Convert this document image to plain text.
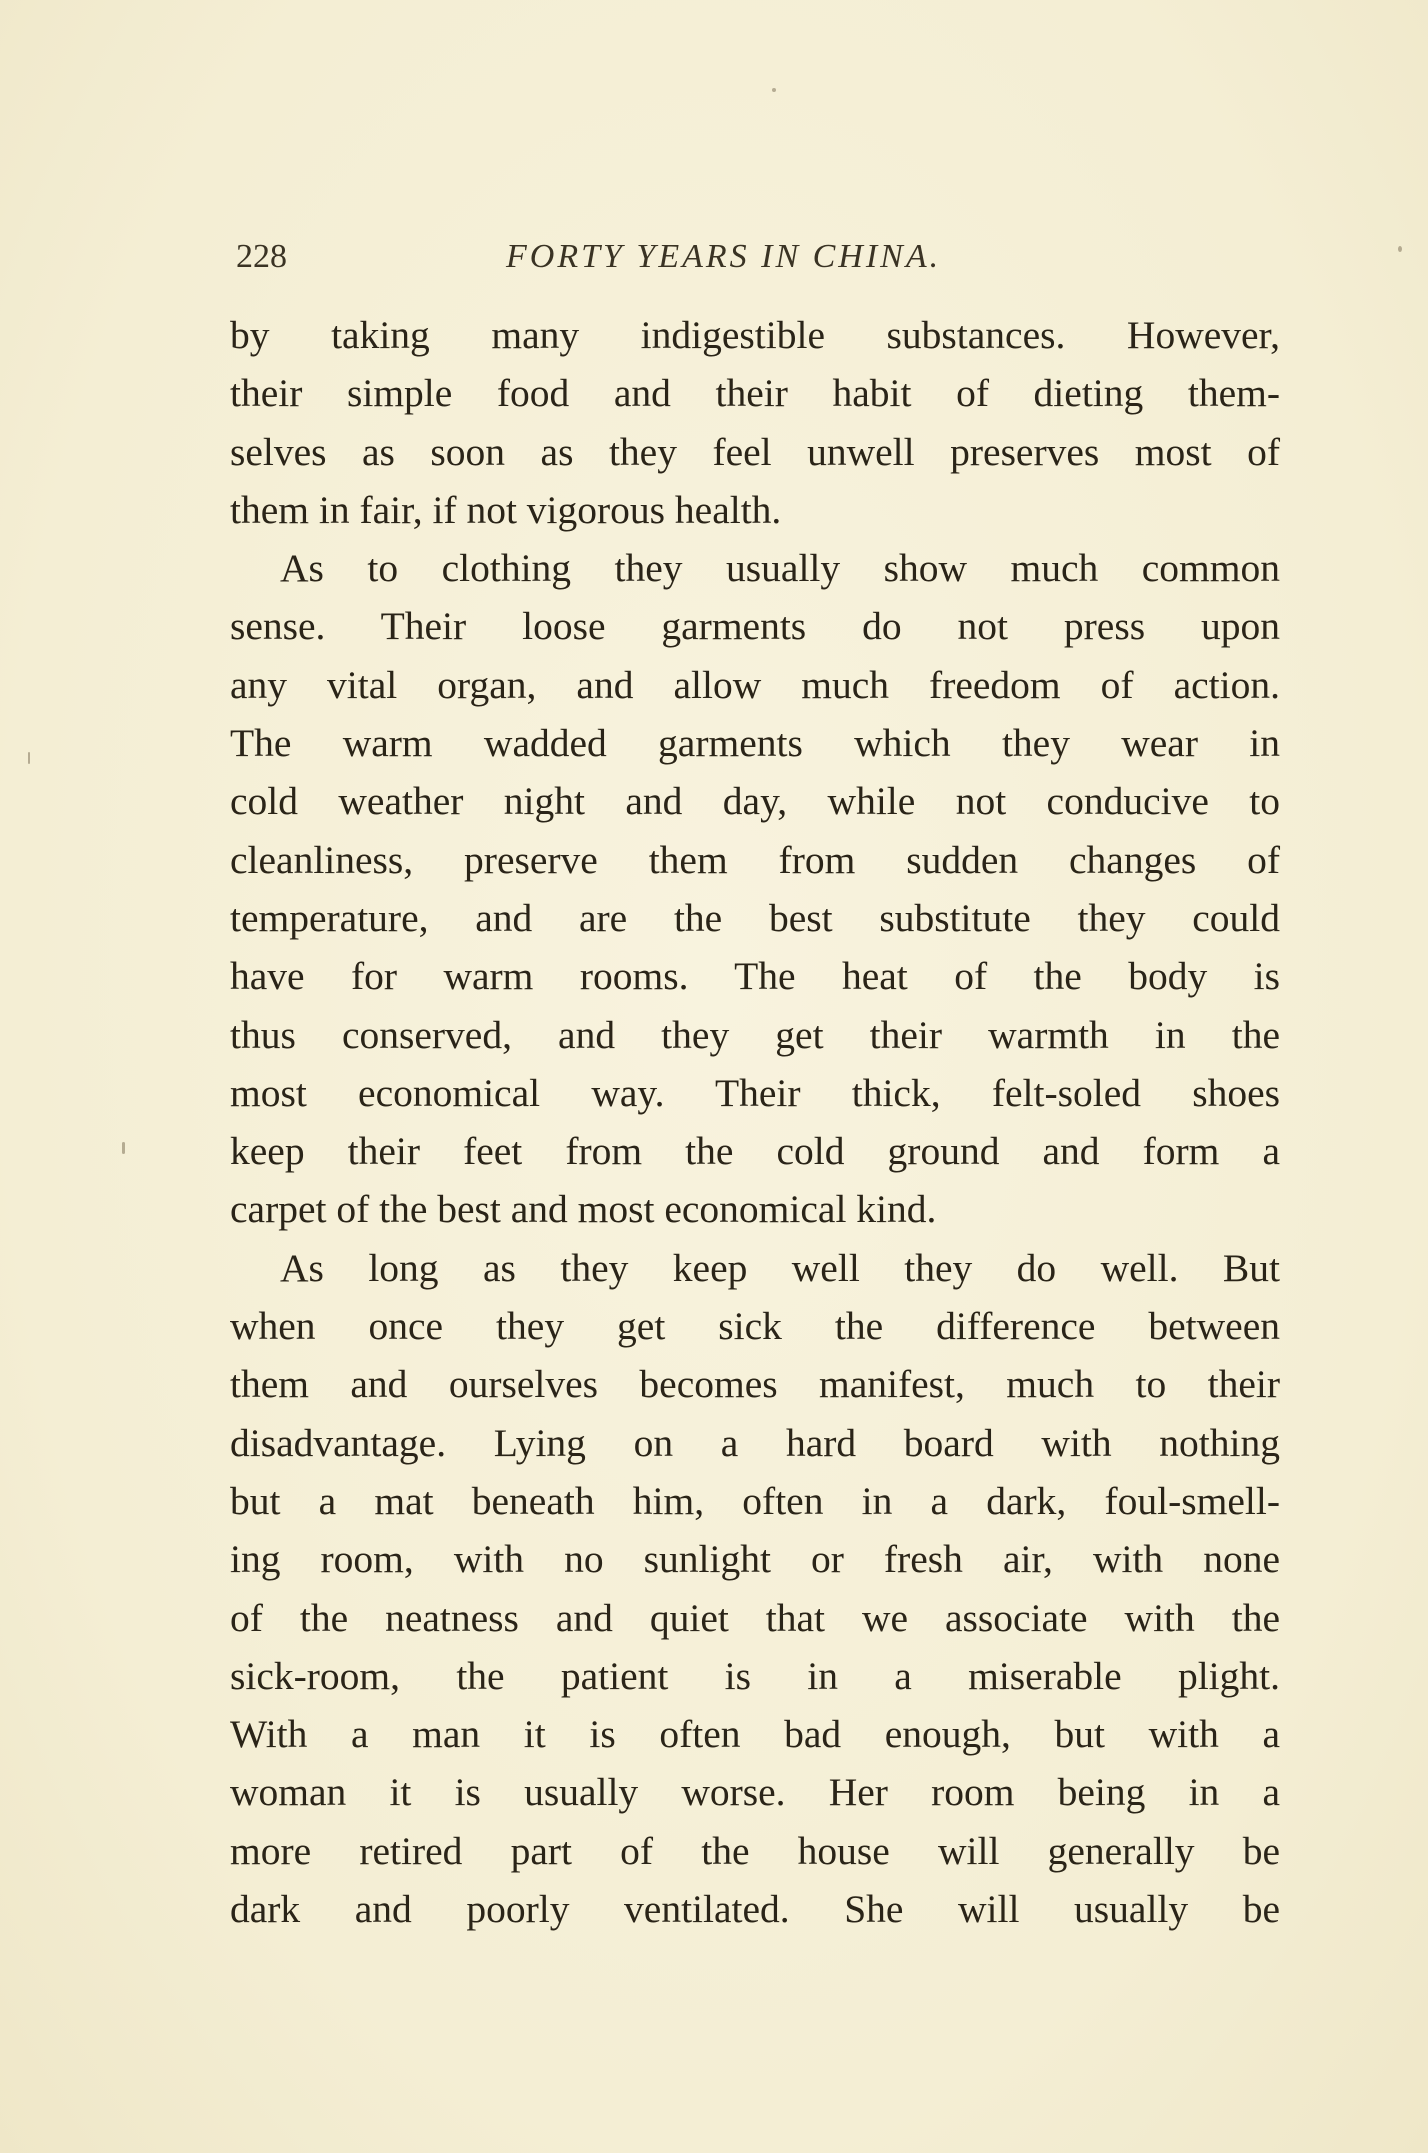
228	FORTY YEARS IN CHINA.
by taking many indigestible substances. However,
their simple food and their habit of dieting them-
selves as soon as they feel unwell preserves most of
them in fair, if not vigorous health.
As to clothing they usually show much common
sense. Their loose garments do not press upon
any vital organ, and allow much freedom of action.
The warm wadded garments which they wear in
cold weather night and day, while not conducive to
cleanliness, preserve them from sudden changes of
temperature, and are the best substitute they could
have for warm rooms. The heat of the body is
thus conserved, and they get their warmth in the
most economical way. Their thick, felt-soled shoes
keep their feet from the cold ground and form a
carpet of the best and most economical kind.
As long as they keep well they do well. But
when once they get sick the difference between
them and ourselves becomes manifest, much to their
disadvantage. Lying on a hard board with nothing
but a mat beneath him, often in a dark, foul-smell-
ing room, with no sunlight or fresh air, with none
of the neatness and quiet that we associate with the
sick-room, the patient is in a miserable plight.
With a man it is often bad enough, but with a
woman it is usually worse. Her room being in a
more retired part of the house will generally be
dark and poorly ventilated. She will usually be
